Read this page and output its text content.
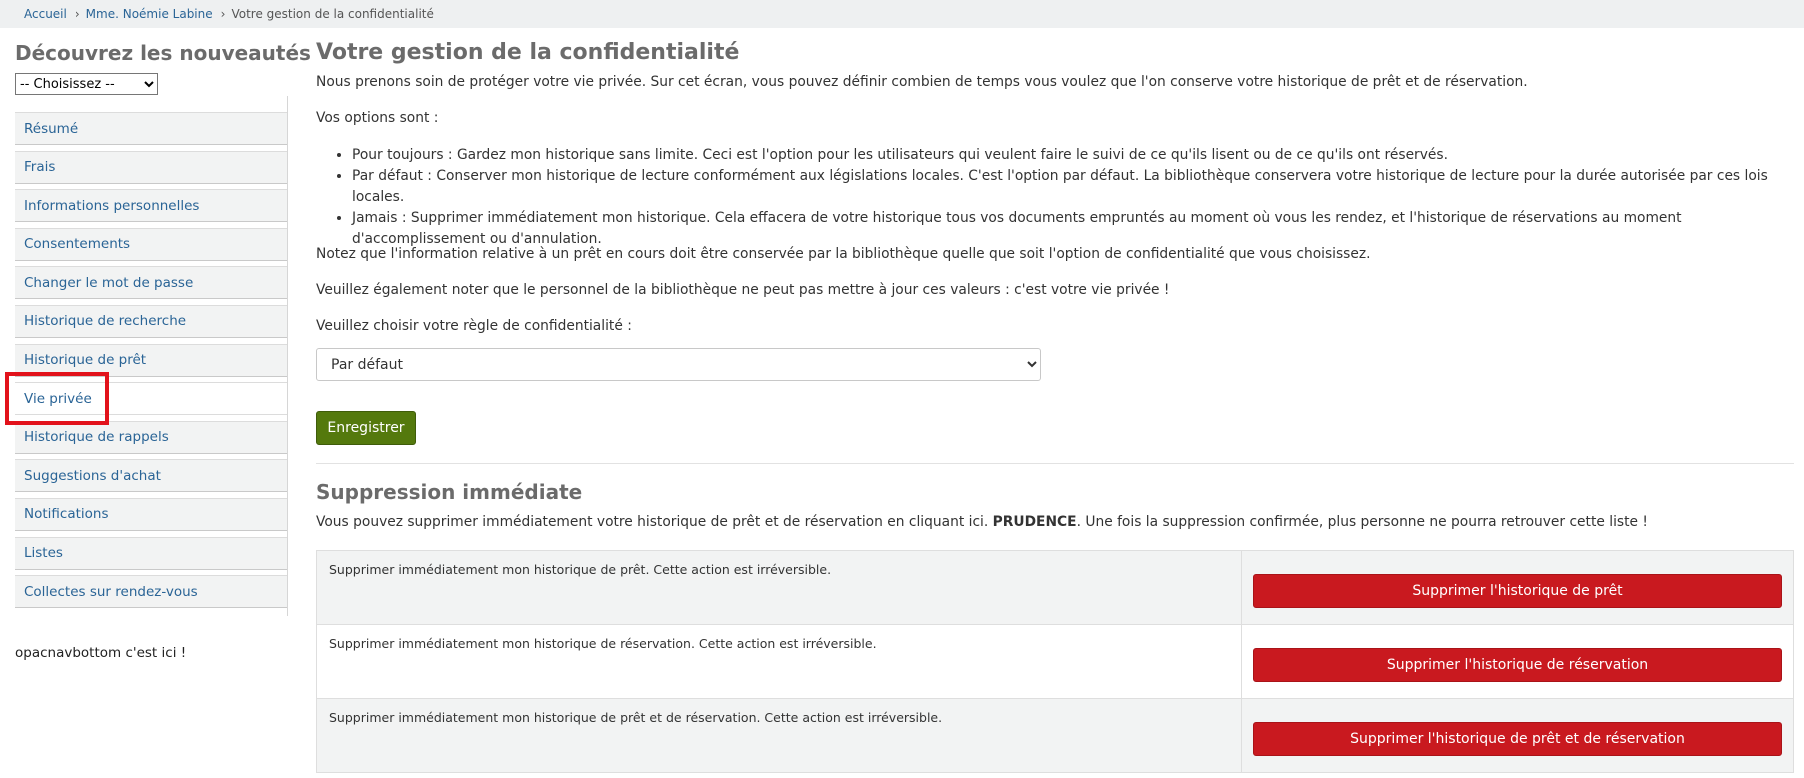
Accueil › Mme. Noémie Labine › Votre gestion de la confidentialité
Découvrez les nouveautés
-- Choisissez --
Résumé
Frais
Informations personnelles
Consentements
Changer le mot de passe
Historique de recherche
Historique de prêt
Vie privée
Historique de rappels
Suggestions d'achat
Notifications
Listes
Collectes sur rendez-vous
opacnavbottom c'est ici !
Votre gestion de la confidentialité

Nous prenons soin de protéger votre vie privée. Sur cet écran, vous pouvez définir combien de temps vous voulez que l'on conserve votre historique de prêt et de réservation.

Vos options sont :

• Pour toujours : Gardez mon historique sans limite. Ceci est l'option pour les utilisateurs qui veulent faire le suivi de ce qu'ils lisent ou de ce qu'ils ont réservés.
• Par défaut : Conserver mon historique de lecture conformément aux législations locales. C'est l'option par défaut. La bibliothèque conservera votre historique de lecture pour la durée autorisée par ces lois locales.
• Jamais : Supprimer immédiatement mon historique. Cela effacera de votre historique tous vos documents empruntés au moment où vous les rendez, et l'historique de réservations au moment d'accomplissement ou d'annulation.

Notez que l'information relative à un prêt en cours doit être conservée par la bibliothèque quelle que soit l'option de confidentialité que vous choisissez.

Veuillez également noter que le personnel de la bibliothèque ne peut pas mettre à jour ces valeurs : c'est votre vie privée !

Veuillez choisir votre règle de confidentialité :

Par défaut
Enregistrer
Suppression immédiate

Vous pouvez supprimer immédiatement votre historique de prêt et de réservation en cliquant ici. PRUDENCE. Une fois la suppression confirmée, plus personne ne pourra retrouver cette liste !

Supprimer immédiatement mon historique de prêt. Cette action est irréversible.	Supprimer l'historique de prêt
Supprimer immédiatement mon historique de réservation. Cette action est irréversible.	Supprimer l'historique de réservation
Supprimer immédiatement mon historique de prêt et de réservation. Cette action est irréversible.	Supprimer l'historique de prêt et de réservation
